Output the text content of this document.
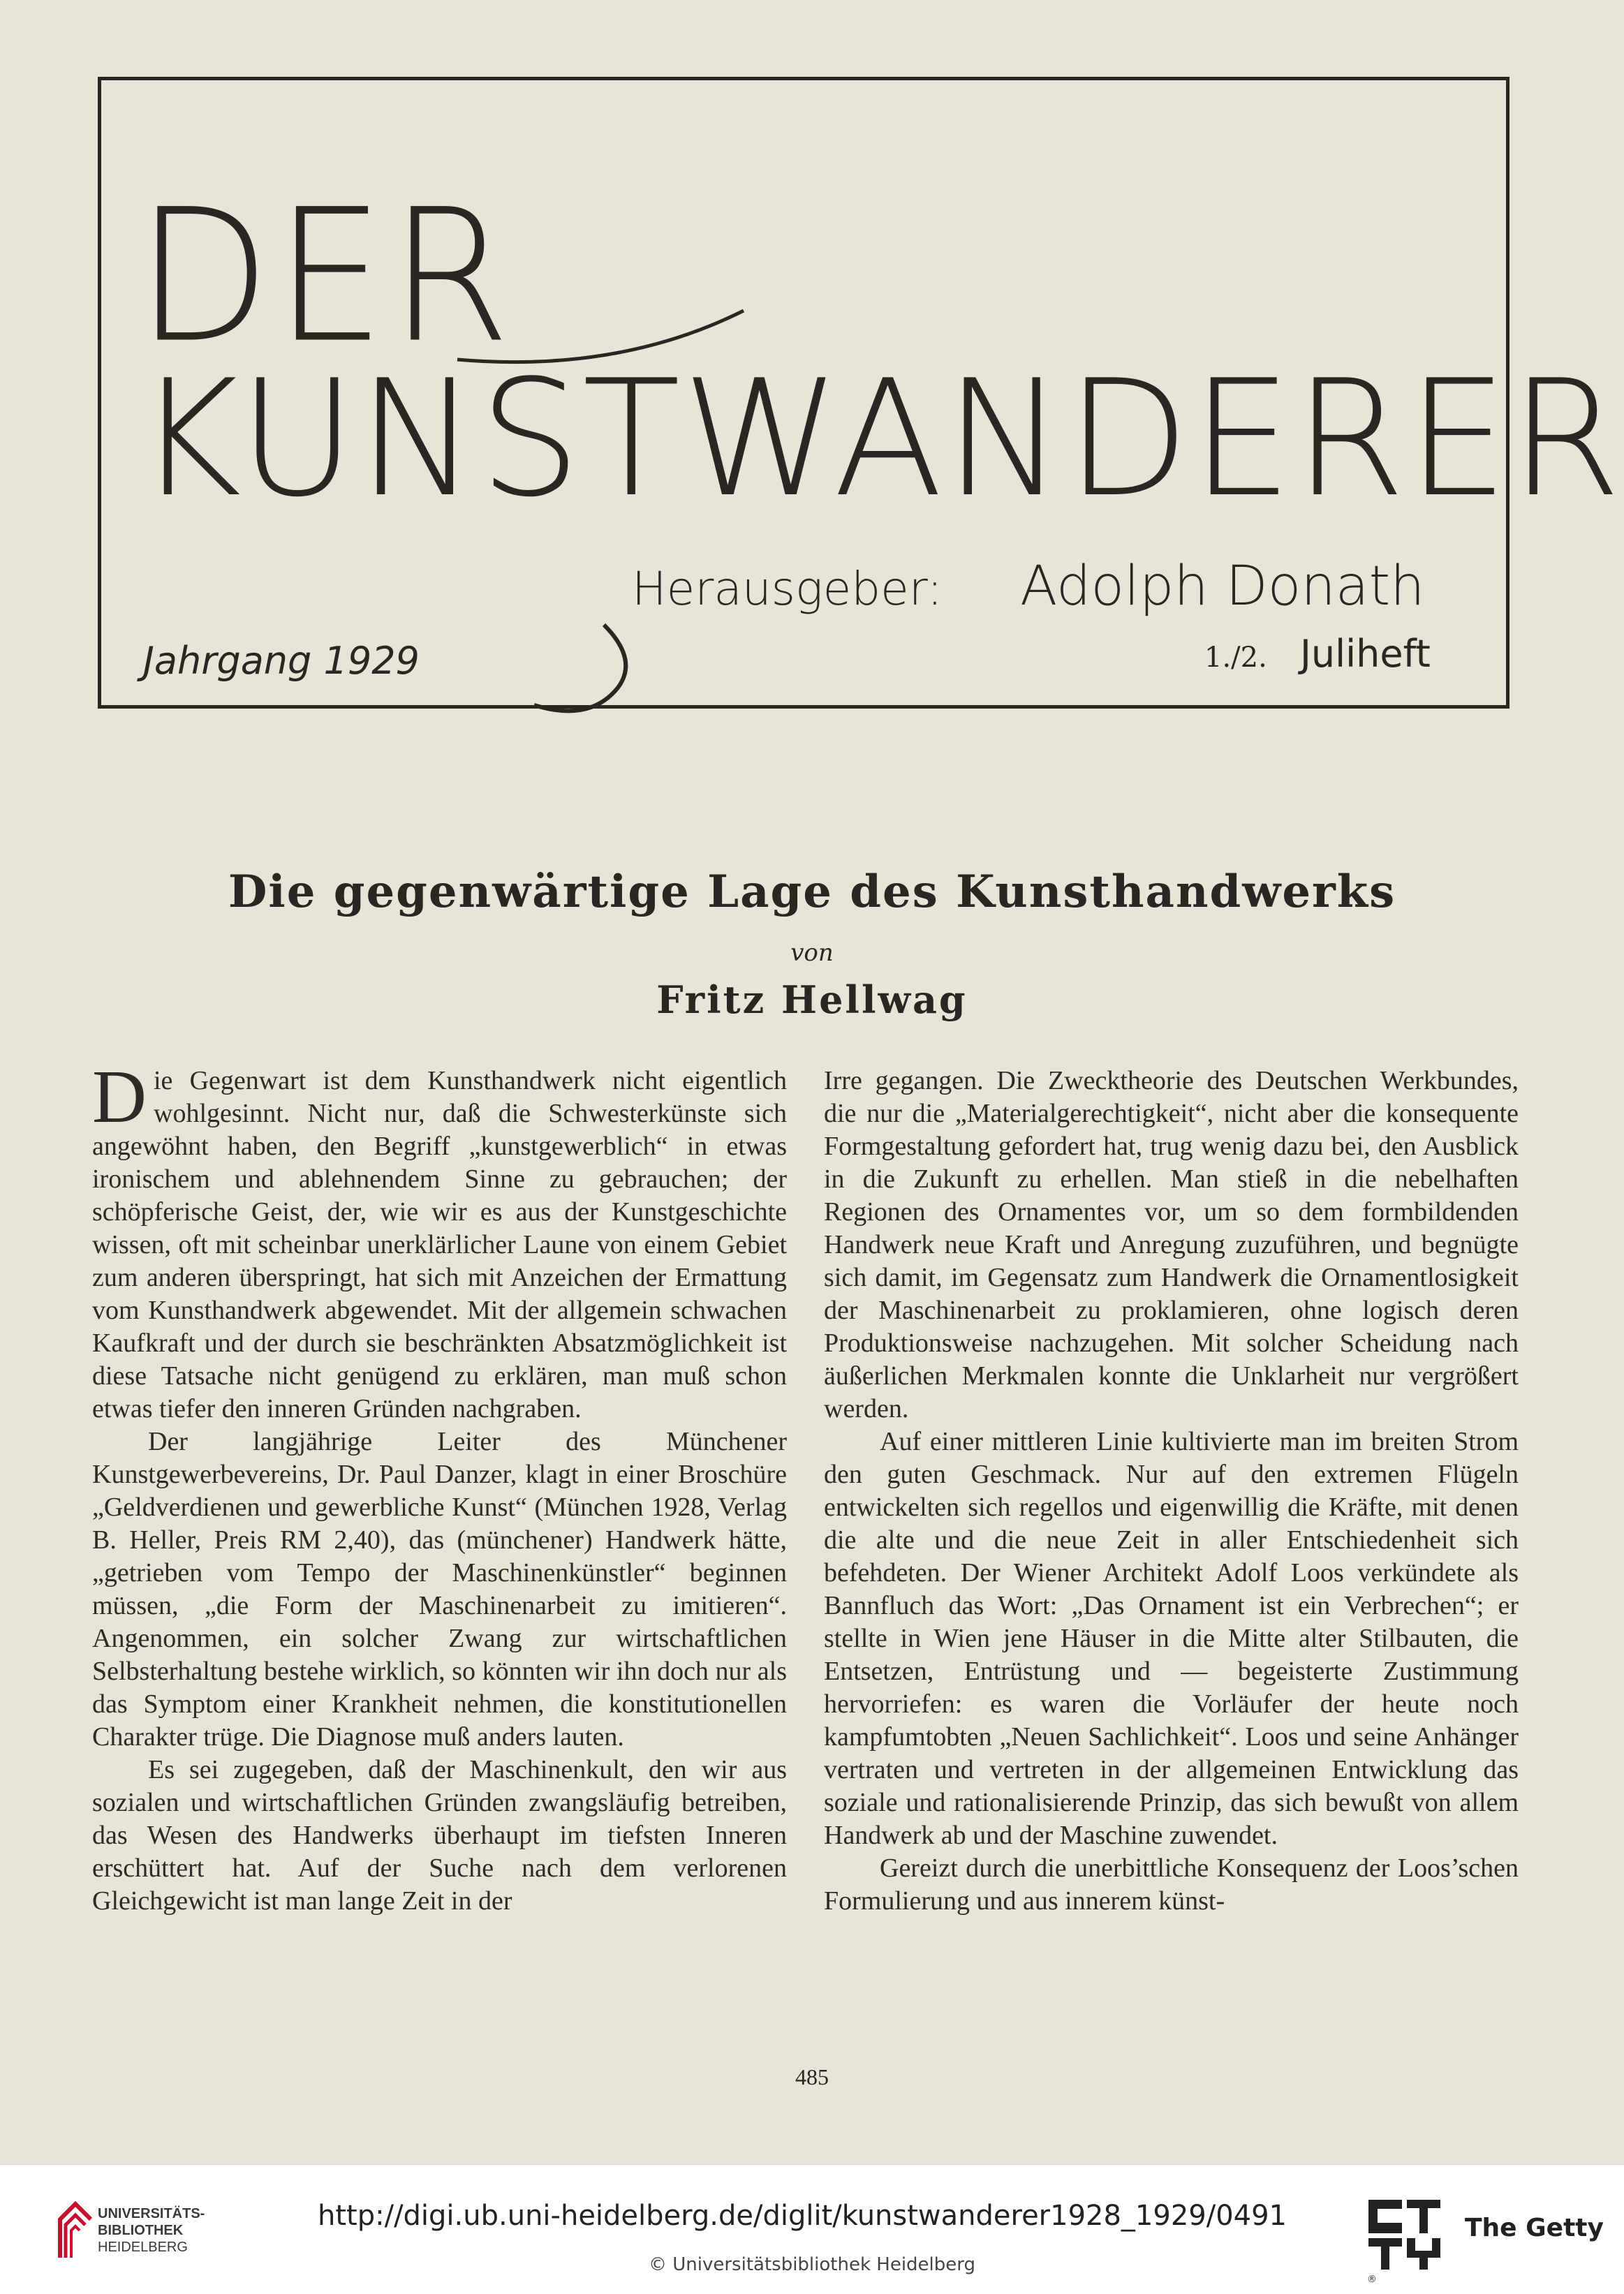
DER
KUNSTWANDERER
Herausgeber: Adolph Donath
Jahrgang 1929	1./2. Juliheft
Die gegenwärtige Lage des Kunsthandwerks
von
Fritz Hellwag

Die Gegenwart ist dem Kunsthandwerk nicht eigentlich wohlgesinnt. Nicht nur, daß die Schwesterkünste sich angewöhnt haben, den Begriff „kunstgewerblich“ in etwas ironischem und ablehnendem Sinne zu gebrauchen; der schöpferische Geist, der, wie wir es aus der Kunstgeschichte wissen, oft mit scheinbar unerklärlicher Laune von einem Gebiet zum anderen überspringt, hat sich mit Anzeichen der Ermattung vom Kunsthandwerk abgewendet. Mit der allgemein schwachen Kaufkraft und der durch sie beschränkten Absatzmöglichkeit ist diese Tatsache nicht genügend zu erklären, man muß schon etwas tiefer den inneren Gründen nachgraben.

Der langjährige Leiter des Münchener Kunstgewerbevereins, Dr. Paul Danzer, klagt in einer Broschüre „Geldverdienen und gewerbliche Kunst“ (München 1928, Verlag B. Heller, Preis RM 2,40), das (münchener) Handwerk hätte, „getrieben vom Tempo der Maschinenkünstler“ beginnen müssen, „die Form der Maschinenarbeit zu imitieren“. Angenommen, ein solcher Zwang zur wirtschaftlichen Selbsterhaltung bestehe wirklich, so könnten wir ihn doch nur als das Symptom einer Krankheit nehmen, die konstitutionellen Charakter trüge. Die Diagnose muß anders lauten.

Es sei zugegeben, daß der Maschinenkult, den wir aus sozialen und wirtschaftlichen Gründen zwangsläufig betreiben, das Wesen des Handwerks überhaupt im tiefsten Inneren erschüttert hat. Auf der Suche nach dem verlorenen Gleichgewicht ist man lange Zeit in der

Irre gegangen. Die Zwecktheorie des Deutschen Werkbundes, die nur die „Materialgerechtigkeit“, nicht aber die konsequente Formgestaltung gefordert hat, trug wenig dazu bei, den Ausblick in die Zukunft zu erhellen. Man stieß in die nebelhaften Regionen des Ornamentes vor, um so dem formbildenden Handwerk neue Kraft und Anregung zuzuführen, und begnügte sich damit, im Gegensatz zum Handwerk die Ornamentlosigkeit der Maschinenarbeit zu proklamieren, ohne logisch deren Produktionsweise nachzugehen. Mit solcher Scheidung nach äußerlichen Merkmalen konnte die Unklarheit nur vergrößert werden.

Auf einer mittleren Linie kultivierte man im breiten Strom den guten Geschmack. Nur auf den extremen Flügeln entwickelten sich regellos und eigenwillig die Kräfte, mit denen die alte und die neue Zeit in aller Entschiedenheit sich befehdeten. Der Wiener Architekt Adolf Loos verkündete als Bannfluch das Wort: „Das Ornament ist ein Verbrechen“; er stellte in Wien jene Häuser in die Mitte alter Stilbauten, die Entsetzen, Entrüstung und — begeisterte Zustimmung hervorriefen: es waren die Vorläufer der heute noch kampfumtobten „Neuen Sachlichkeit“. Loos und seine Anhänger vertraten und vertreten in der allgemeinen Entwicklung das soziale und rationalisierende Prinzip, das sich bewußt von allem Handwerk ab und der Maschine zuwendet.

Gereizt durch die unerbittliche Konsequenz der Loos’schen Formulierung und aus innerem künst-

485
UNIVERSITÄTS-
BIBLIOTHEK
HEIDELBERG
http://digi.ub.uni-heidelberg.de/diglit/kunstwanderer1928_1929/0491
© Universitätsbibliothek Heidelberg
The Getty
®
